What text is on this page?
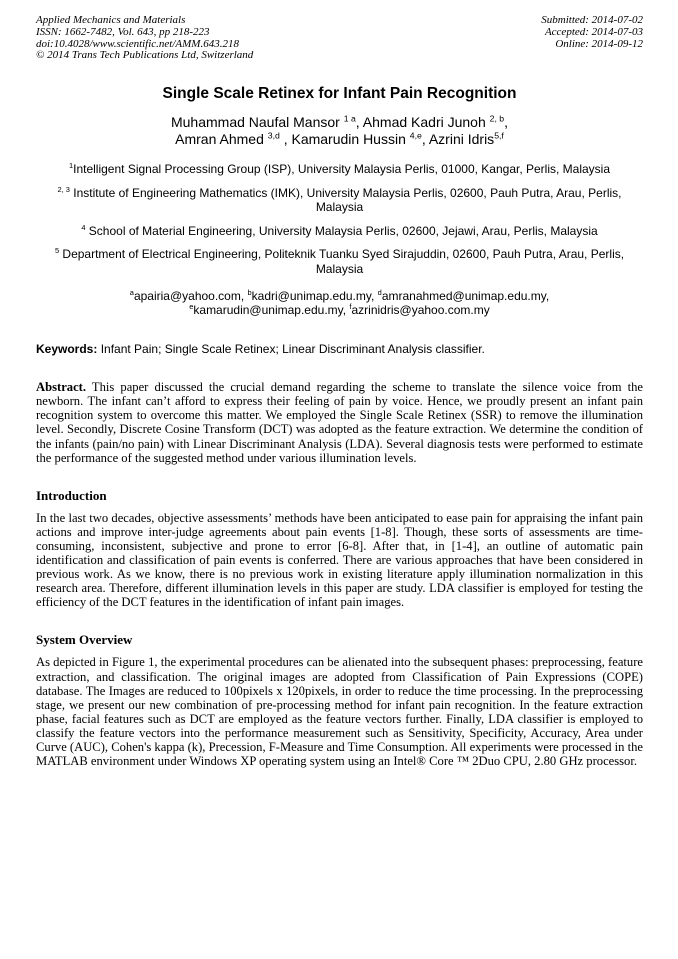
Applied Mechanics and Materials
ISSN: 1662-7482, Vol. 643, pp 218-223
doi:10.4028/www.scientific.net/AMM.643.218
© 2014 Trans Tech Publications Ltd, Switzerland
Submitted: 2014-07-02
Accepted: 2014-07-03
Online: 2014-09-12
Single Scale Retinex for Infant Pain Recognition
Muhammad Naufal Mansor $^{1 a}$, Ahmad Kadri Junoh $^{2, b}$,
Amran Ahmed $^{3,d}$ , Kamarudin Hussin $^{4,e}$, Azrini Idris$^{5,f}$
$^1$Intelligent Signal Processing Group (ISP), University Malaysia Perlis, 01000, Kangar, Perlis, Malaysia
$^{2, 3}$ Institute of Engineering Mathematics (IMK), University Malaysia Perlis, 02600, Pauh Putra, Arau, Perlis, Malaysia
$^4$ School of Material Engineering, University Malaysia Perlis, 02600, Jejawi, Arau, Perlis, Malaysia
$^5$ Department of Electrical Engineering, Politeknik Tuanku Syed Sirajuddin, 02600, Pauh Putra, Arau, Perlis, Malaysia
$^a$apairia@yahoo.com, $^b$kadri@unimap.edu.my, $^d$amranahmed@unimap.edu.my,
$^e$kamarudin@unimap.edu.my, $^f$azrinidris@yahoo.com.my
Keywords: Infant Pain; Single Scale Retinex; Linear Discriminant Analysis classifier.
Abstract. This paper discussed the crucial demand regarding the scheme to translate the silence voice from the newborn. The infant can’t afford to express their feeling of pain by voice. Hence, we proudly present an infant pain recognition system to overcome this matter. We employed the Single Scale Retinex (SSR) to remove the illumination level. Secondly, Discrete Cosine Transform (DCT) was adopted as the feature extraction. We determine the condition of the infants (pain/no pain) with Linear Discriminant Analysis (LDA). Several diagnosis tests were performed to estimate the performance of the suggested method under various illumination levels.
Introduction
In the last two decades, objective assessments’ methods have been anticipated to ease pain for appraising the infant pain actions and improve inter-judge agreements about pain events [1-8]. Though, these sorts of assessments are time-consuming, inconsistent, subjective and prone to error [6-8]. After that, in [1-4], an outline of automatic pain identification and classification of pain events is conferred. There are various approaches that have been considered in previous work. As we know, there is no previous work in existing literature apply illumination normalization in this research area. Therefore, different illumination levels in this paper are study. LDA classifier is employed for testing the efficiency of the DCT features in the identification of infant pain images.
System Overview
As depicted in Figure 1, the experimental procedures can be alienated into the subsequent phases: preprocessing, feature extraction, and classification. The original images are adopted from Classification of Pain Expressions (COPE) database. The Images are reduced to 100pixels x 120pixels, in order to reduce the time processing. In the preprocessing stage, we present our new combination of pre-processing method for infant pain recognition. In the feature extraction phase, facial features such as DCT are employed as the feature vectors further. Finally, LDA classifier is employed to classify the feature vectors into the performance measurement such as Sensitivity, Specificity, Accuracy, Area under Curve (AUC), Cohen's kappa (k), Precession, F-Measure and Time Consumption. All experiments were processed in the MATLAB environment under Windows XP operating system using an Intel® Core ™ 2Duo CPU, 2.80 GHz processor.
